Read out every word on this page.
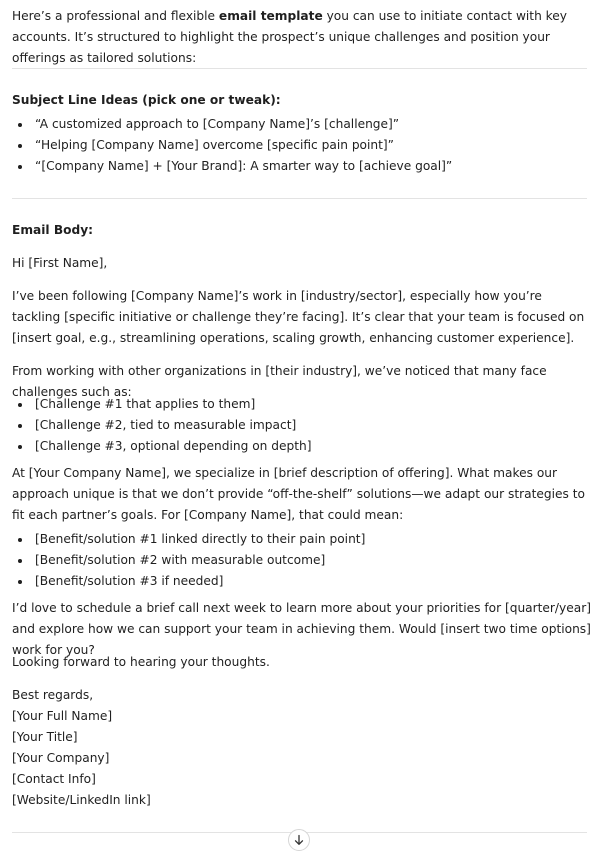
Here’s a professional and flexible email template you can use to initiate contact with key accounts. It’s structured to highlight the prospect’s unique challenges and position your offerings as tailored solutions:

Subject Line Ideas (pick one or tweak):

“A customized approach to [Company Name]’s [challenge]”
“Helping [Company Name] overcome [specific pain point]”
“[Company Name] + [Your Brand]: A smarter way to [achieve goal]”

Email Body:

Hi [First Name],

I’ve been following [Company Name]’s work in [industry/sector], especially how you’re tackling [specific initiative or challenge they’re facing]. It’s clear that your team is focused on [insert goal, e.g., streamlining operations, scaling growth, enhancing customer experience].

From working with other organizations in [their industry], we’ve noticed that many face challenges such as:

[Challenge #1 that applies to them]
[Challenge #2, tied to measurable impact]
[Challenge #3, optional depending on depth]

At [Your Company Name], we specialize in [brief description of offering]. What makes our approach unique is that we don’t provide “off-the-shelf” solutions—we adapt our strategies to fit each partner’s goals. For [Company Name], that could mean:

[Benefit/solution #1 linked directly to their pain point]
[Benefit/solution #2 with measurable outcome]
[Benefit/solution #3 if needed]

I’d love to schedule a brief call next week to learn more about your priorities for [quarter/year] and explore how we can support your team in achieving them. Would [insert two time options] work for you?

Looking forward to hearing your thoughts.

Best regards,

[Your Full Name]

[Your Title]

[Your Company]

[Contact Info]

[Website/LinkedIn link]
